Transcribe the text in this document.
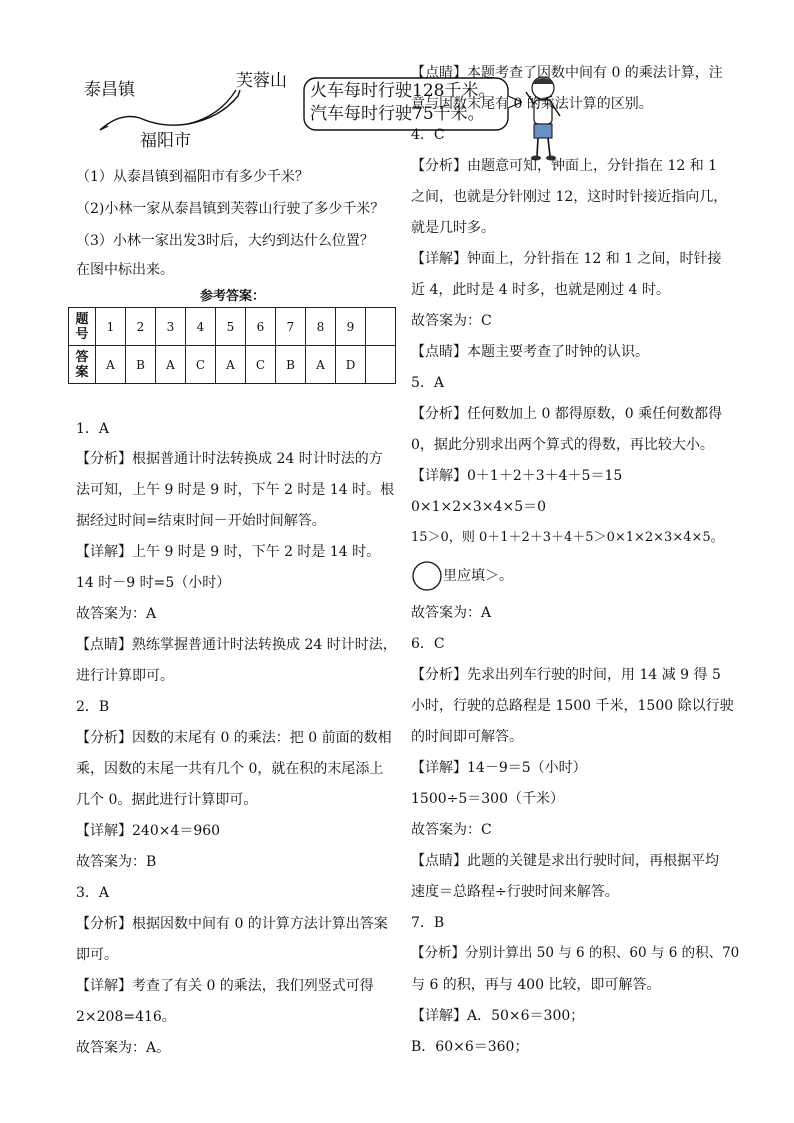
泰昌镇	芙蓉山
福阳市
火车每时行驶128千米。
汽车每时行驶75千米。
（1）从泰昌镇到福阳市有多少千米？
（2)小林一家从泰昌镇到芙蓉山行驶了多少千米？
（3）小林一家出发3时后，大约到达什么位置？
在图中标出来。
参考答案：
题
号	1	2	3	4	5	6	7	8	9	
答
案	A	B	A	C	A	C	B	A	D	
1．A
【分析】根据普通计时法转换成 24 时计时法的方
法可知，上午 9 时是 9 时，下午 2 时是 14 时。根
据经过时间=结束时间－开始时间解答。
【详解】上午 9 时是 9 时，下午 2 时是 14 时。
14 时－9 时=5（小时）
故答案为：A
【点睛】熟练掌握普通计时法转换成 24 时计时法，
进行计算即可。
2．B
【分析】因数的末尾有 0 的乘法：把 0 前面的数相
乘，因数的末尾一共有几个 0，就在积的末尾添上
几个 0。据此进行计算即可。
【详解】240×4＝960
故答案为：B
3．A
【分析】根据因数中间有 0 的计算方法计算出答案
即可。
【详解】考查了有关 0 的乘法，我们列竖式可得
2×208=416。
故答案为：A。
【点睛】本题考查了因数中间有 0 的乘法计算，注
意与因数末尾有 0 的乘法计算的区别。
4．C
【分析】由题意可知，钟面上，分针指在 12 和 1
之间，也就是分针刚过 12，这时时针接近指向几，
就是几时多。
【详解】钟面上，分针指在 12 和 1 之间，时针接
近 4，此时是 4 时多，也就是刚过 4 时。
故答案为：C
【点睛】本题主要考查了时钟的认识。
5．A
【分析】任何数加上 0 都得原数，0 乘任何数都得
0，据此分别求出两个算式的得数，再比较大小。
【详解】0＋1＋2＋3＋4＋5＝15
0×1×2×3×4×5＝0
15＞0，则 0＋1＋2＋3＋4＋5＞0×1×2×3×4×5。
里应填＞。
故答案为：A
6．C
【分析】先求出列车行驶的时间，用 14 减 9 得 5
小时，行驶的总路程是 1500 千米，1500 除以行驶
的时间即可解答。
【详解】14－9＝5（小时）
1500÷5＝300（千米）
故答案为：C
【点睛】此题的关键是求出行驶时间，再根据平均
速度＝总路程÷行驶时间来解答。
7．B
【分析】分别计算出 50 与 6 的积、60 与 6 的积、70
与 6 的积，再与 400 比较，即可解答。
【详解】A．50×6＝300；
B．60×6＝360；
